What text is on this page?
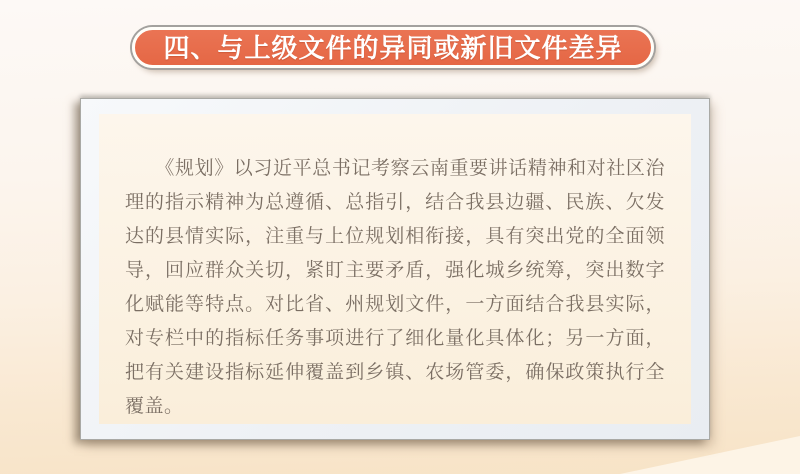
四、与上级文件的异同或新旧文件差异

《规划》以习近平总书记考察云南重要讲话精神和对社区治理的指示精神为总遵循、总指引，结合我县边疆、民族、欠发达的县情实际，注重与上位规划相衔接，具有突出党的全面领导，回应群众关切，紧盯主要矛盾，强化城乡统筹，突出数字化赋能等特点。对比省、州规划文件，一方面结合我县实际，对专栏中的指标任务事项进行了细化量化具体化；另一方面，把有关建设指标延伸覆盖到乡镇、农场管委，确保政策执行全覆盖。
